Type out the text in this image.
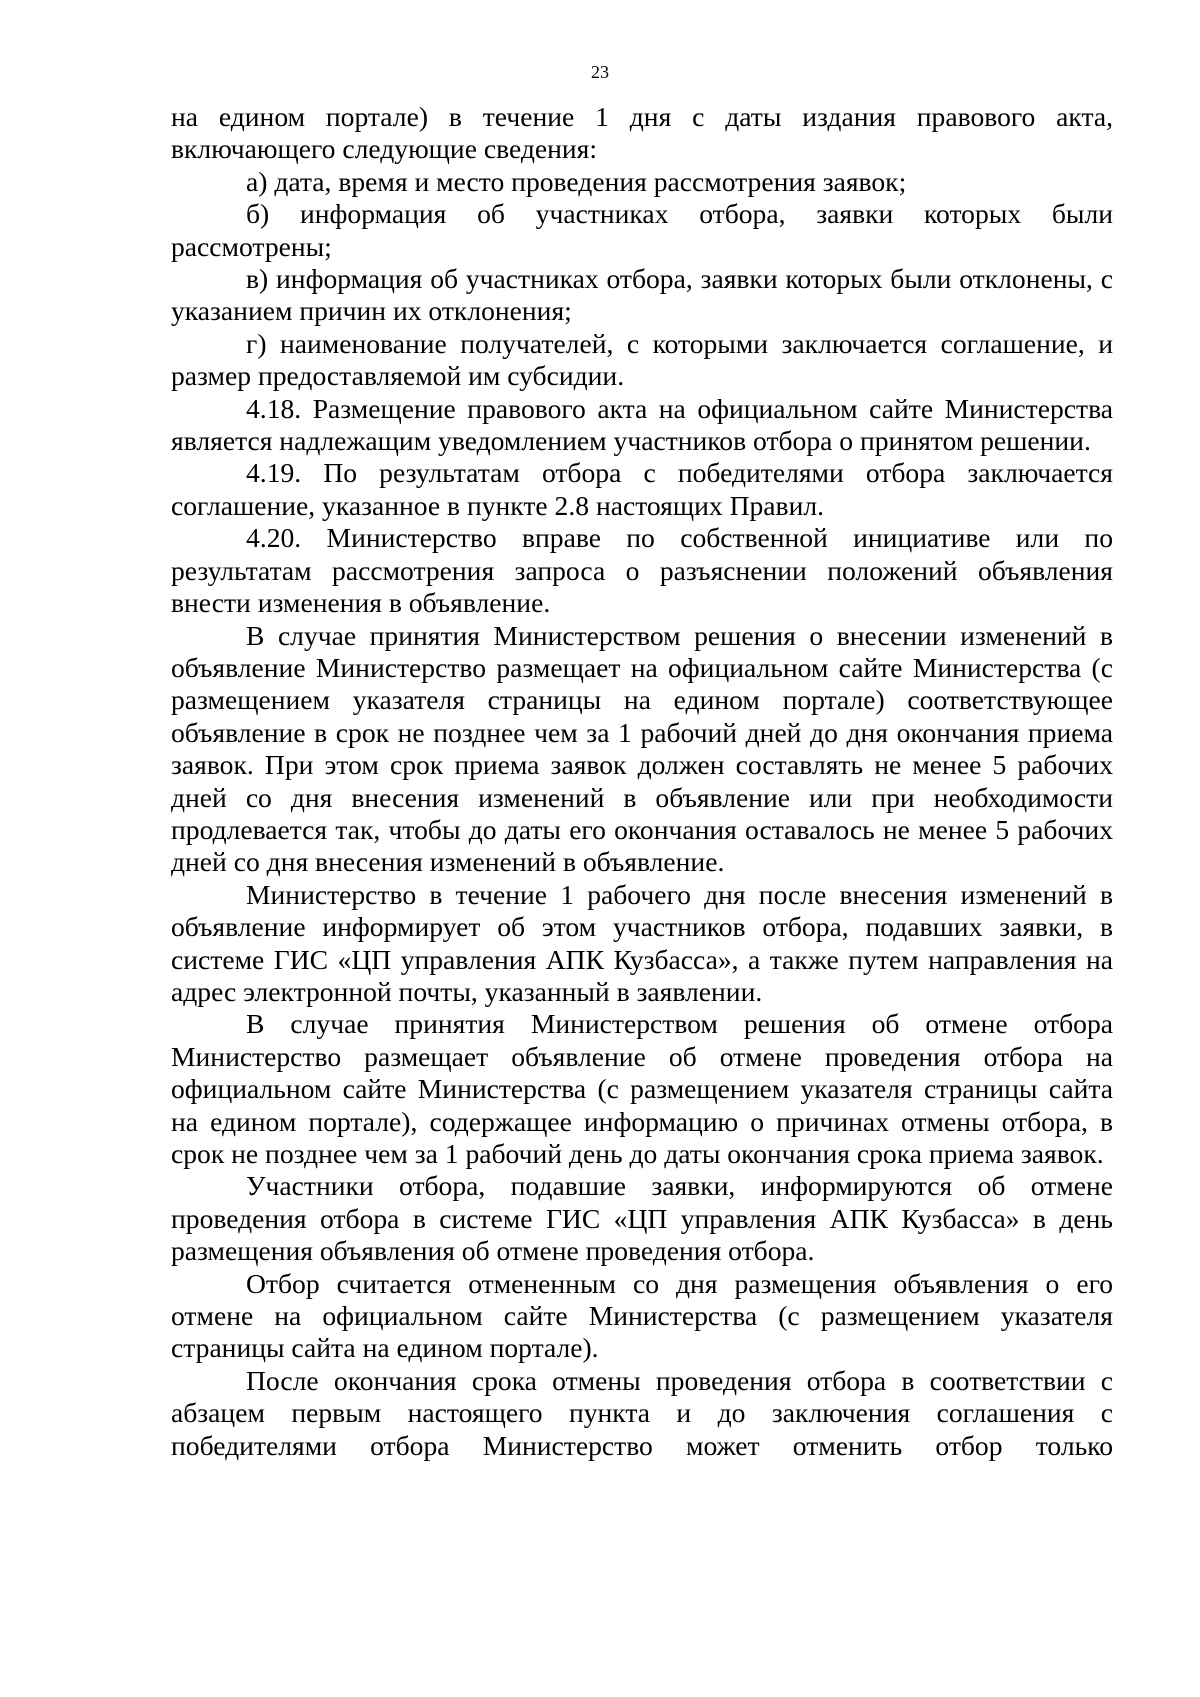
23

на едином портале) в течение 1 дня с даты издания правового акта, включающего следующие сведения:

а) дата, время и место проведения рассмотрения заявок;

б) информация об участниках отбора, заявки которых были рассмотрены;

в) информация об участниках отбора, заявки которых были отклонены, с указанием причин их отклонения;

г) наименование получателей, с которыми заключается соглашение, и размер предоставляемой им субсидии.

4.18. Размещение правового акта на официальном сайте Министерства является надлежащим уведомлением участников отбора о принятом решении.

4.19. По результатам отбора с победителями отбора заключается соглашение, указанное в пункте 2.8 настоящих Правил.

4.20. Министерство вправе по собственной инициативе или по результатам рассмотрения запроса о разъяснении положений объявления внести изменения в объявление.

В случае принятия Министерством решения о внесении изменений в объявление Министерство размещает на официальном сайте Министерства (с размещением указателя страницы на едином портале) соответствующее объявление в срок не позднее чем за 1 рабочий дней до дня окончания приема заявок. При этом срок приема заявок должен составлять не менее 5 рабочих дней со дня внесения изменений в объявление или при необходимости продлевается так, чтобы до даты его окончания оставалось не менее 5 рабочих дней со дня внесения изменений в объявление.

Министерство в течение 1 рабочего дня после внесения изменений в объявление информирует об этом участников отбора, подавших заявки, в системе ГИС «ЦП управления АПК Кузбасса», а также путем направления на адрес электронной почты, указанный в заявлении.

В случае принятия Министерством решения об отмене отбора Министерство размещает объявление об отмене проведения отбора на официальном сайте Министерства (с размещением указателя страницы сайта на едином портале), содержащее информацию о причинах отмены отбора, в срок не позднее чем за 1 рабочий день до даты окончания срока приема заявок.

Участники отбора, подавшие заявки, информируются об отмене проведения отбора в системе ГИС «ЦП управления АПК Кузбасса» в день размещения объявления об отмене проведения отбора.

Отбор считается отмененным со дня размещения объявления о его отмене на официальном сайте Министерства (с размещением указателя страницы сайта на едином портале).

После окончания срока отмены проведения отбора в соответствии с абзацем первым настоящего пункта и до заключения соглашения с победителями отбора Министерство может отменить отбор только
